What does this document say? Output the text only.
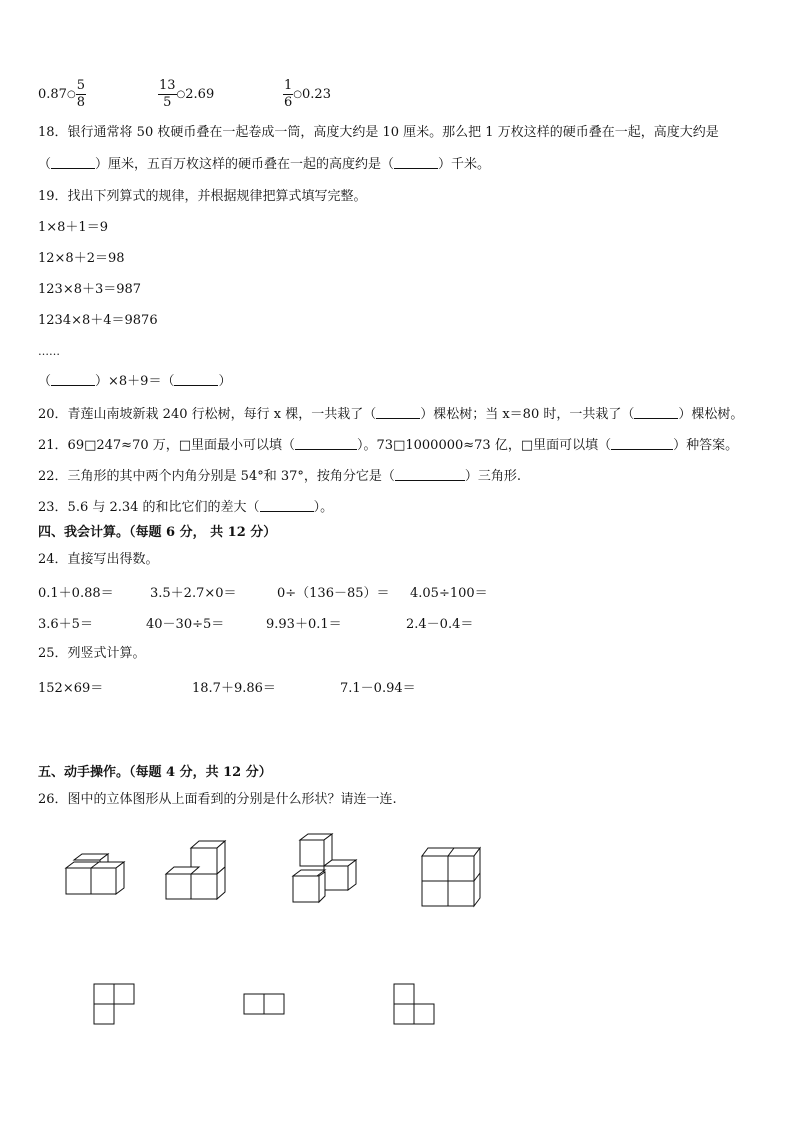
0.87 ○ $\frac{5}{8}$	$\frac{13}{5}$ ○ 2.69	$\frac{1}{6}$ ○ 0.23
18．银行通常将 50 枚硬币叠在一起卷成一筒，高度大约是 10 厘米。那么把 1 万枚这样的硬币叠在一起，高度大约是
（	）厘米，五百万枚这样的硬币叠在一起的高度约是（	）千米。
19．找出下列算式的规律，并根据规律把算式填写完整。
1×8＋1＝9
12×8＋2＝98
123×8＋3＝987
1234×8＋4＝9876
……
（	）×8＋9＝（	）
20．青莲山南坡新栽 240 行松树，每行 x 棵，一共栽了（	）棵松树；当 x＝80 时，一共栽了（	）棵松树。
21．69□247≈70 万，□里面最小可以填（	）。73□1000000≈73 亿，□里面可以填（	）种答案。
22．三角形的其中两个内角分别是 54°和 37°，按角分它是（	）三角形.
23．5.6 与 2.34 的和比它们的差大（	）。
四、我会计算。（每题 6 分， 共 12 分）
24．直接写出得数。
0.1＋0.88＝	3.5＋2.7×0＝	0÷（136－85）＝ 4.05÷100＝
3.6＋5＝	40－30÷5＝	9.93＋0.1＝	2.4－0.4＝
25．列竖式计算。
152×69＝	18.7＋9.86＝	7.1－0.94＝
五、动手操作。（每题 4 分，共 12 分）
26．图中的立体图形从上面看到的分别是什么形状？请连一连.
